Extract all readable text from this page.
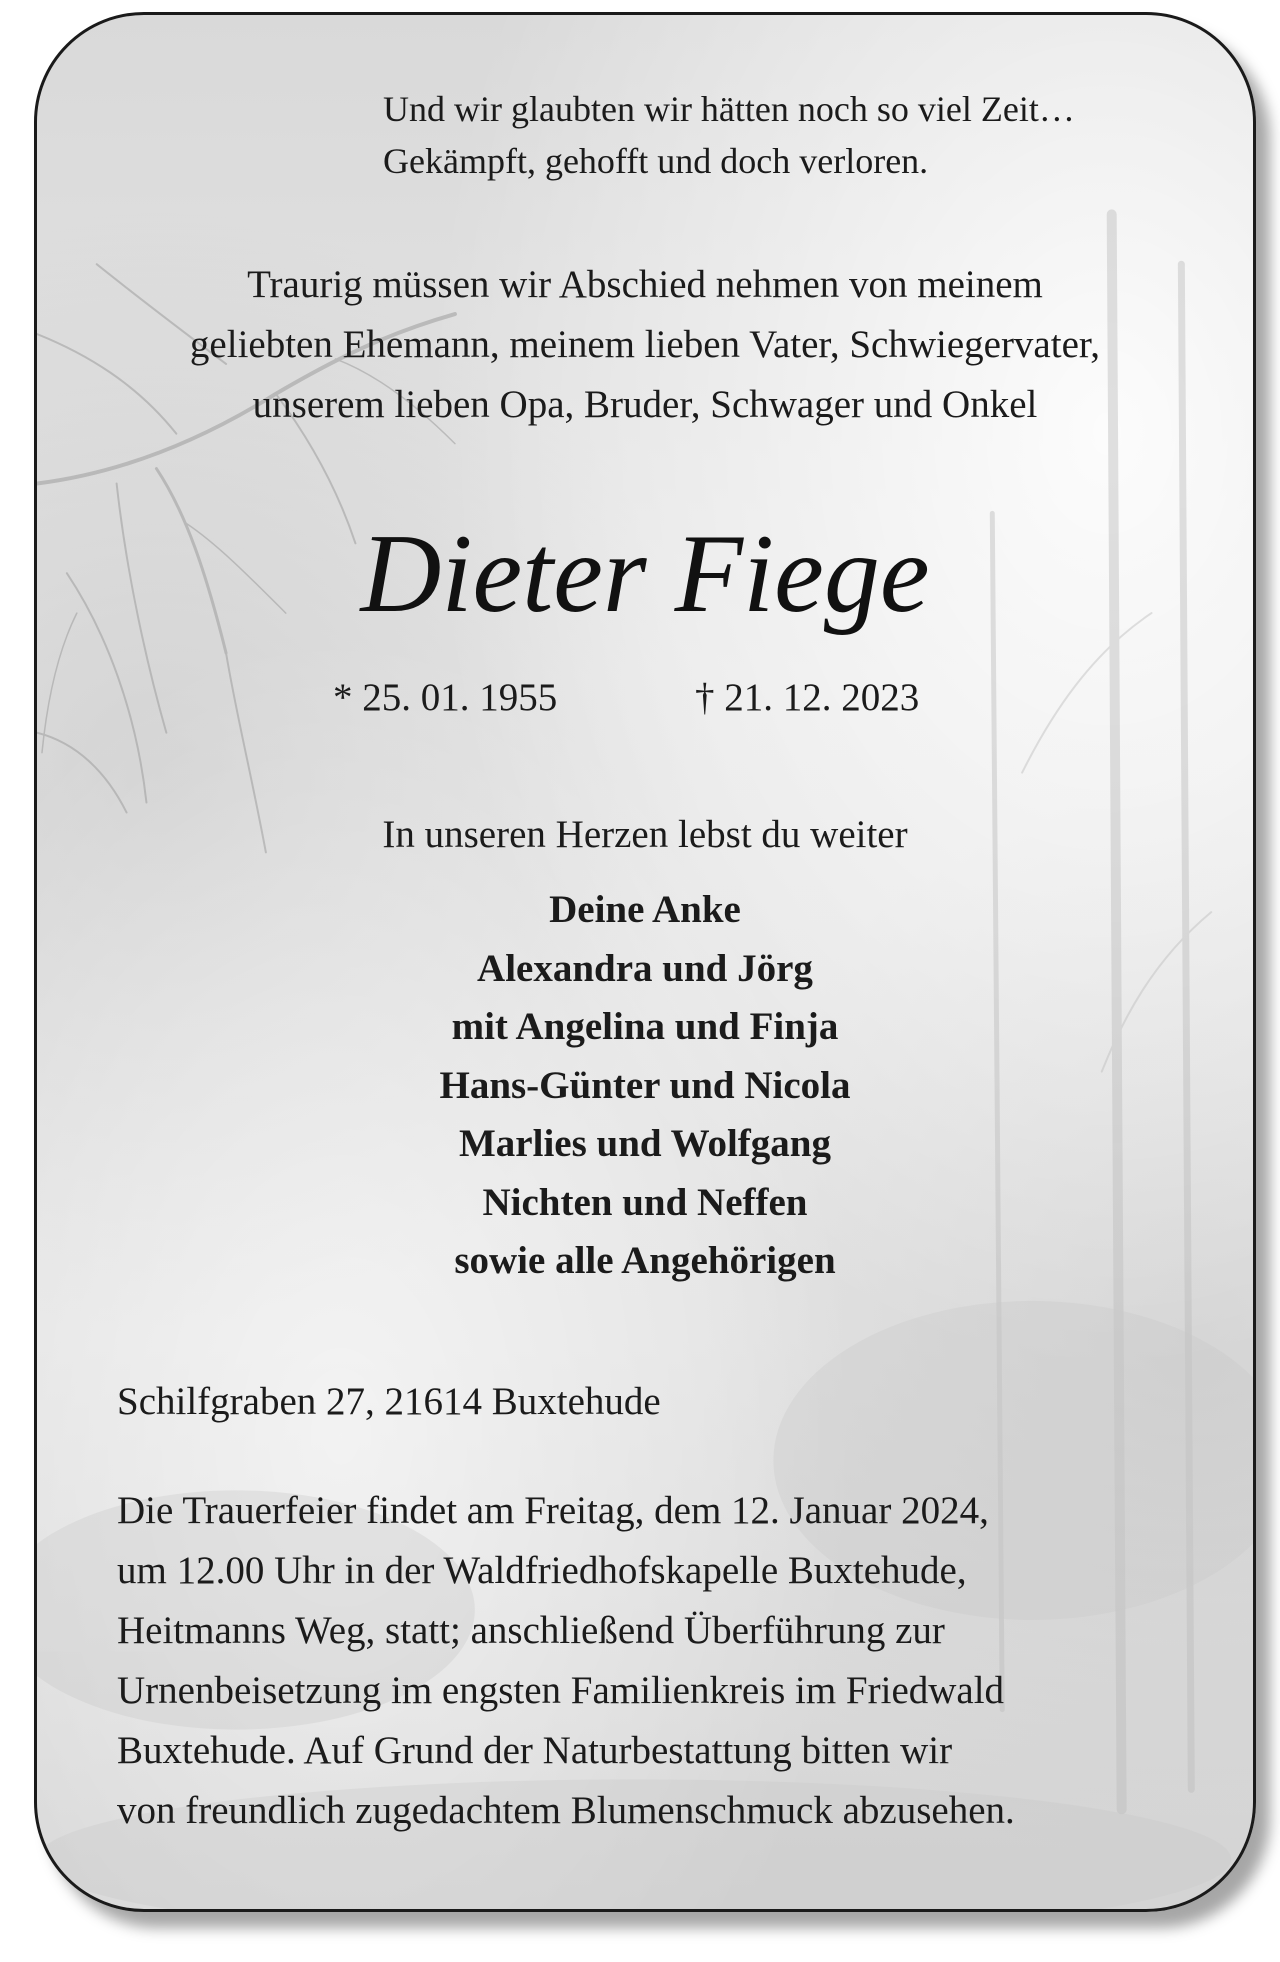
Und wir glaubten wir hätten noch so viel Zeit…
Gekämpft, gehofft und doch verloren.
Traurig müssen wir Abschied nehmen von meinem
geliebten Ehemann, meinem lieben Vater, Schwiegervater,
unserem lieben Opa, Bruder, Schwager und Onkel
Dieter Fiege
* 25. 01. 1955	† 21. 12. 2023
In unseren Herzen lebst du weiter
Deine Anke
Alexandra und Jörg
mit Angelina und Finja
Hans-Günter und Nicola
Marlies und Wolfgang
Nichten und Neffen
sowie alle Angehörigen
Schilfgraben 27, 21614 Buxtehude
Die Trauerfeier findet am Freitag, dem 12. Januar 2024,
um 12.00 Uhr in der Waldfriedhofskapelle Buxtehude,
Heitmanns Weg, statt; anschließend Überführung zur
Urnenbeisetzung im engsten Familienkreis im Friedwald
Buxtehude. Auf Grund der Naturbestattung bitten wir
von freundlich zugedachtem Blumenschmuck abzusehen.
